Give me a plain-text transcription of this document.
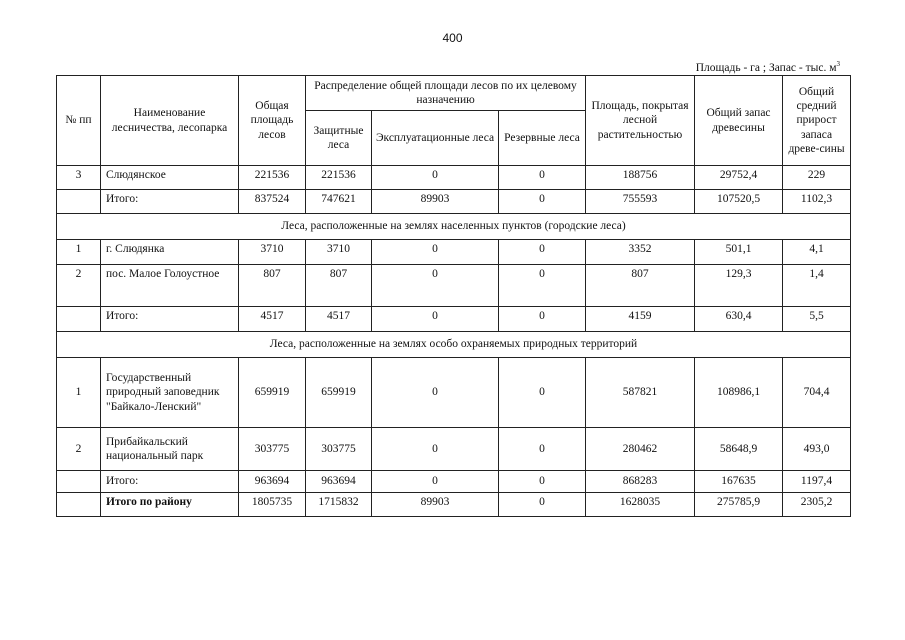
400
Площадь - га ; Запас - тыс. $м^3$
№ пп	Наименование лесничества, лесопарка	Общая площадь лесов	Распределение общей площади лесов по их целевому назначению			Площадь, покрытая лесной растительностью	Общий запас древесины	Общий средний прирост запаса древе-сины
			Защитные леса	Эксплуатационные леса	Резервные леса			
3	Слюдянское	221536	221536	0	0	188756	29752,4	229
	Итого:	837524	747621	89903	0	755593	107520,5	1102,3
Леса, расположенные на землях населенных пунктов (городские леса)								
1	г. Слюдянка	3710	3710	0	0	3352	501,1	4,1
2	пос. Малое Голоустное	807	807	0	0	807	129,3	1,4
	Итого:	4517	4517	0	0	4159	630,4	5,5
Леса, расположенные на землях особо охраняемых природных территорий								
1	Государственный природный заповедник "Байкало-Ленский"	659919	659919	0	0	587821	108986,1	704,4
2	Прибайкальский национальный парк	303775	303775	0	0	280462	58648,9	493,0
	Итого:	963694	963694	0	0	868283	167635	1197,4
	Итого по району	1805735	1715832	89903	0	1628035	275785,9	2305,2
